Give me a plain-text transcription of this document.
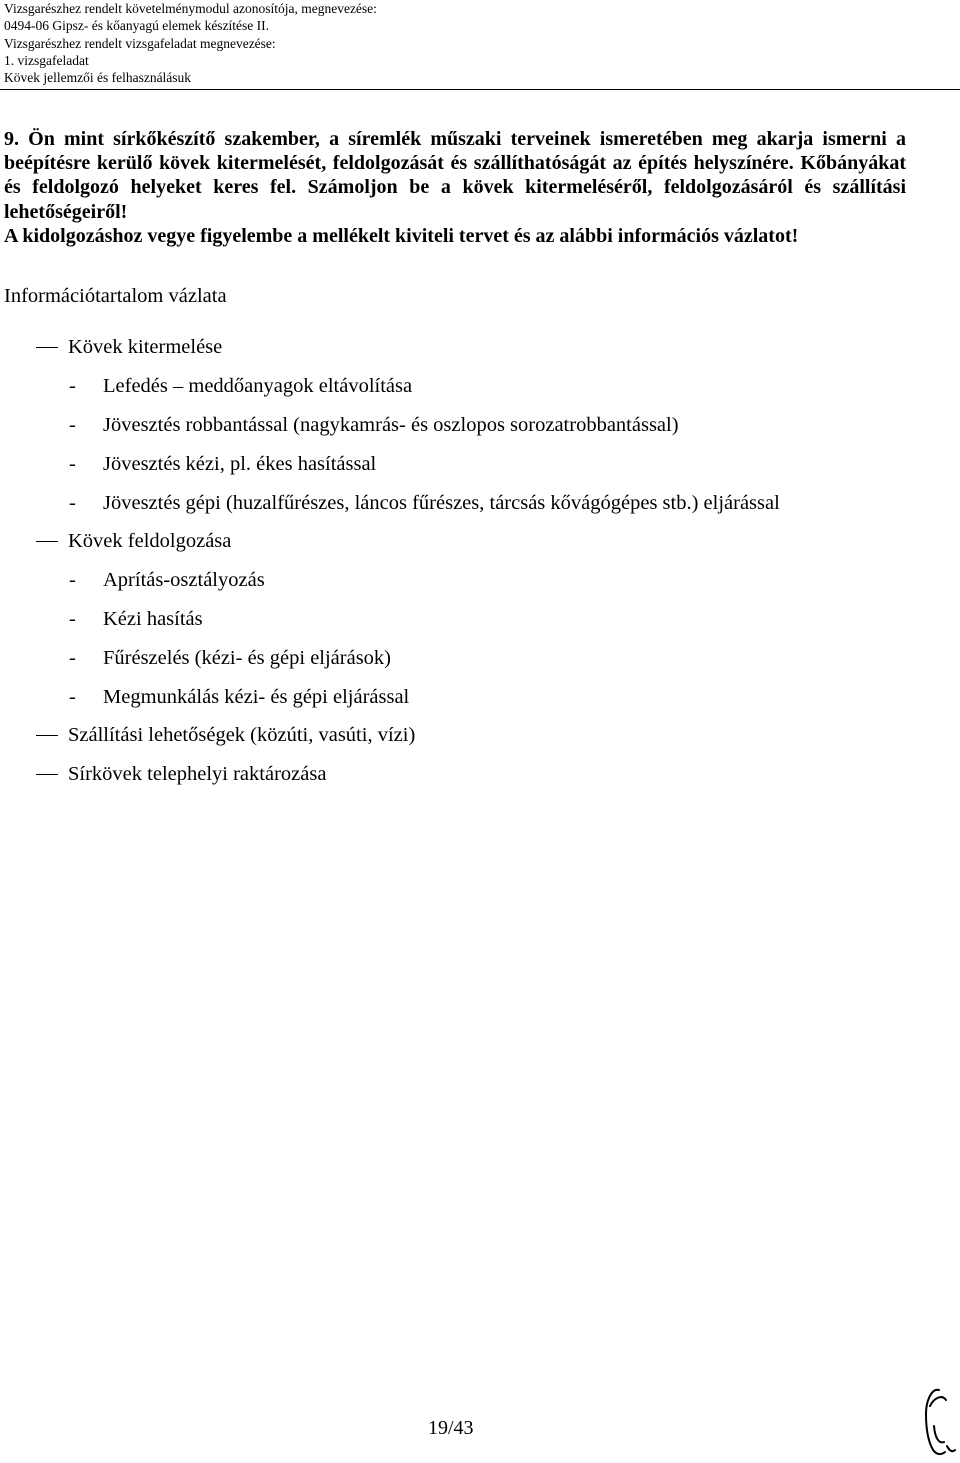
Vizsgarészhez rendelt követelménymodul azonosítója, megnevezése:
0494-06 Gipsz- és kőanyagú elemek készítése II.
Vizsgarészhez rendelt vizsgafeladat megnevezése:
1. vizsgafeladat
Kövek jellemzői és felhasználásuk

9. Ön mint sírkőkészítő szakember, a síremlék műszaki terveinek ismeretében meg akarja ismerni a beépítésre kerülő kövek kitermelését, feldolgozását és szállíthatóságát az építés helyszínére. Kőbányákat és feldolgozó helyeket keres fel. Számoljon be a kövek kitermeléséről, feldolgozásáról és szállítási lehetőségeiről!

A kidolgozáshoz vegye figyelembe a mellékelt kiviteli tervet és az alábbi információs vázlatot!

Információtartalom vázlata
Kövek kitermelése
- Lefedés – meddőanyagok eltávolítása
- Jövesztés robbantással (nagykamrás- és oszlopos sorozatrobbantással)
- Jövesztés kézi, pl. ékes hasítással
- Jövesztés gépi (huzalfűrészes, láncos fűrészes, tárcsás kővágógépes stb.) eljárással
Kövek feldolgozása
- Aprítás-osztályozás
- Kézi hasítás
- Fűrészelés (kézi- és gépi eljárások)
- Megmunkálás kézi- és gépi eljárással
Szállítási lehetőségek (közúti, vasúti, vízi)
Sírkövek telephelyi raktározása
19/43
